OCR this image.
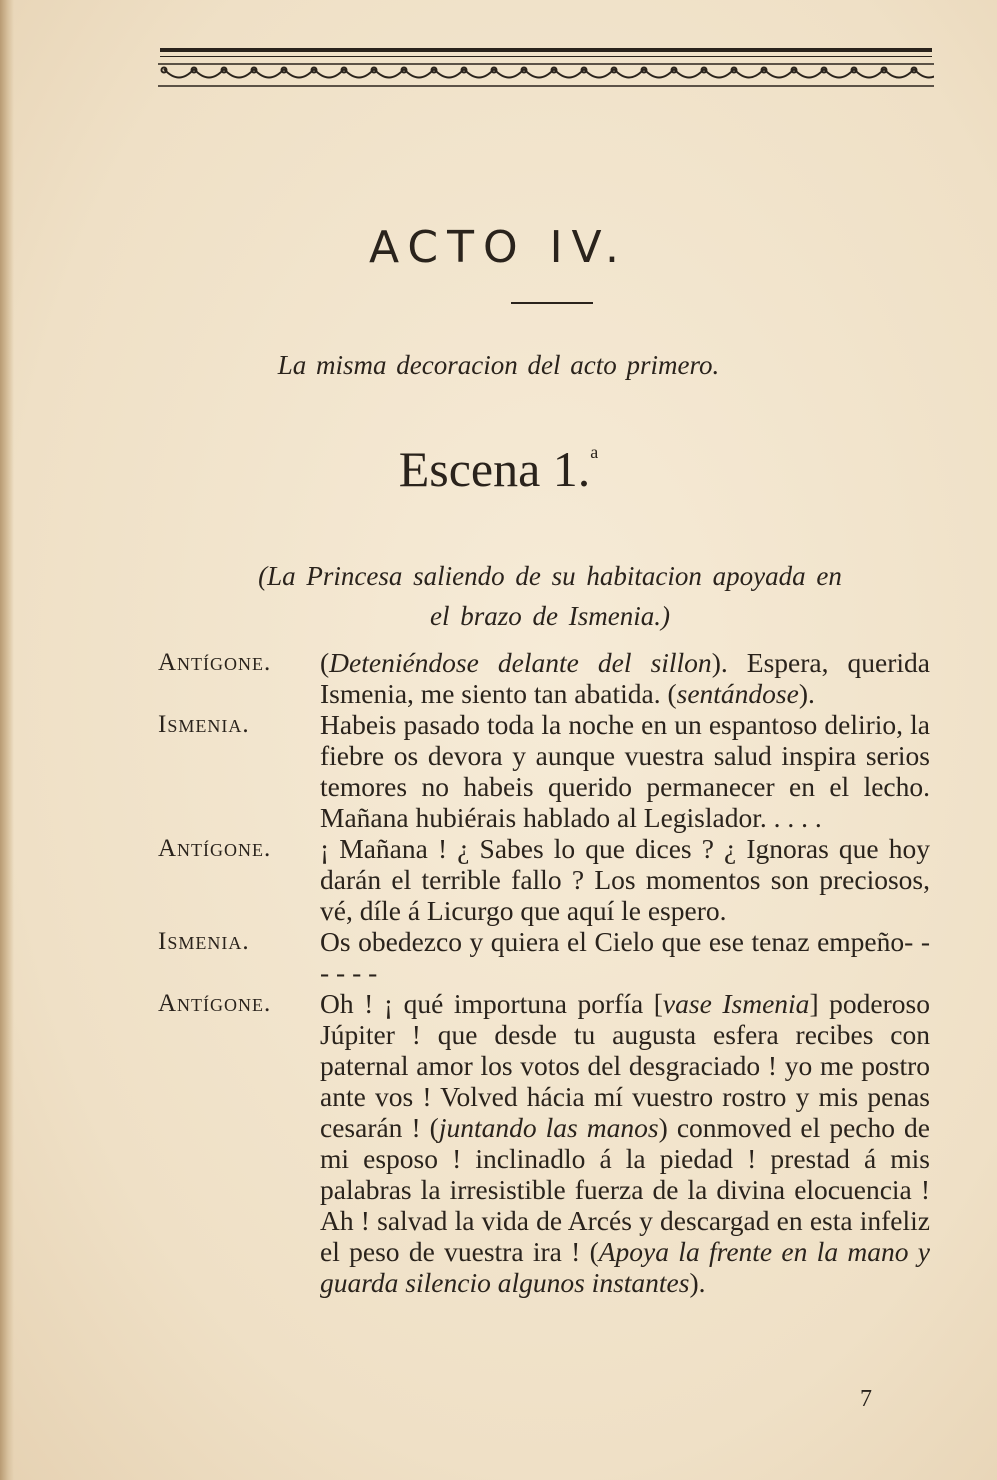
ACTO IV.
La misma decoracion del acto primero.
Escena 1.$^a$
(La Princesa saliendo de su habitacion apoyada en
el brazo de Ismenia.)
Antígone. (Deteniéndose delante del sillon). Espera, querida Ismenia, me siento tan abatida. (sentándose).
Ismenia.	Habeis pasado toda la noche en un espantoso delirio, la fiebre os devora y aunque vuestra salud inspira serios temores no habeis querido permanecer en el lecho. Mañana hubiérais hablado al Legislador. . . . .
Antígone. ¡ Mañana ! ¿ Sabes lo que dices ? ¿ Ignoras que hoy darán el terrible fallo ? Los momentos son preciosos, vé, díle á Licurgo que aquí le espero.
Ismenia.	Os obedezco y quiera el Cielo que ese tenaz empeño- - - - - -
Antígone. Oh ! ¡ qué importuna porfía [vase Ismenia] poderoso Júpiter ! que desde tu augusta esfera recibes con paternal amor los votos del desgraciado ! yo me postro ante vos ! Volved hácia mí vuestro rostro y mis penas cesarán ! (juntando las manos) conmoved el pecho de mi esposo ! inclinadlo á la piedad ! prestad á mis palabras la irresistible fuerza de la divina elocuencia ! Ah ! salvad la vida de Arcés y descargad en esta infeliz el peso de vuestra ira ! (Apoya la frente en la mano y guarda silencio algunos instantes).
7
